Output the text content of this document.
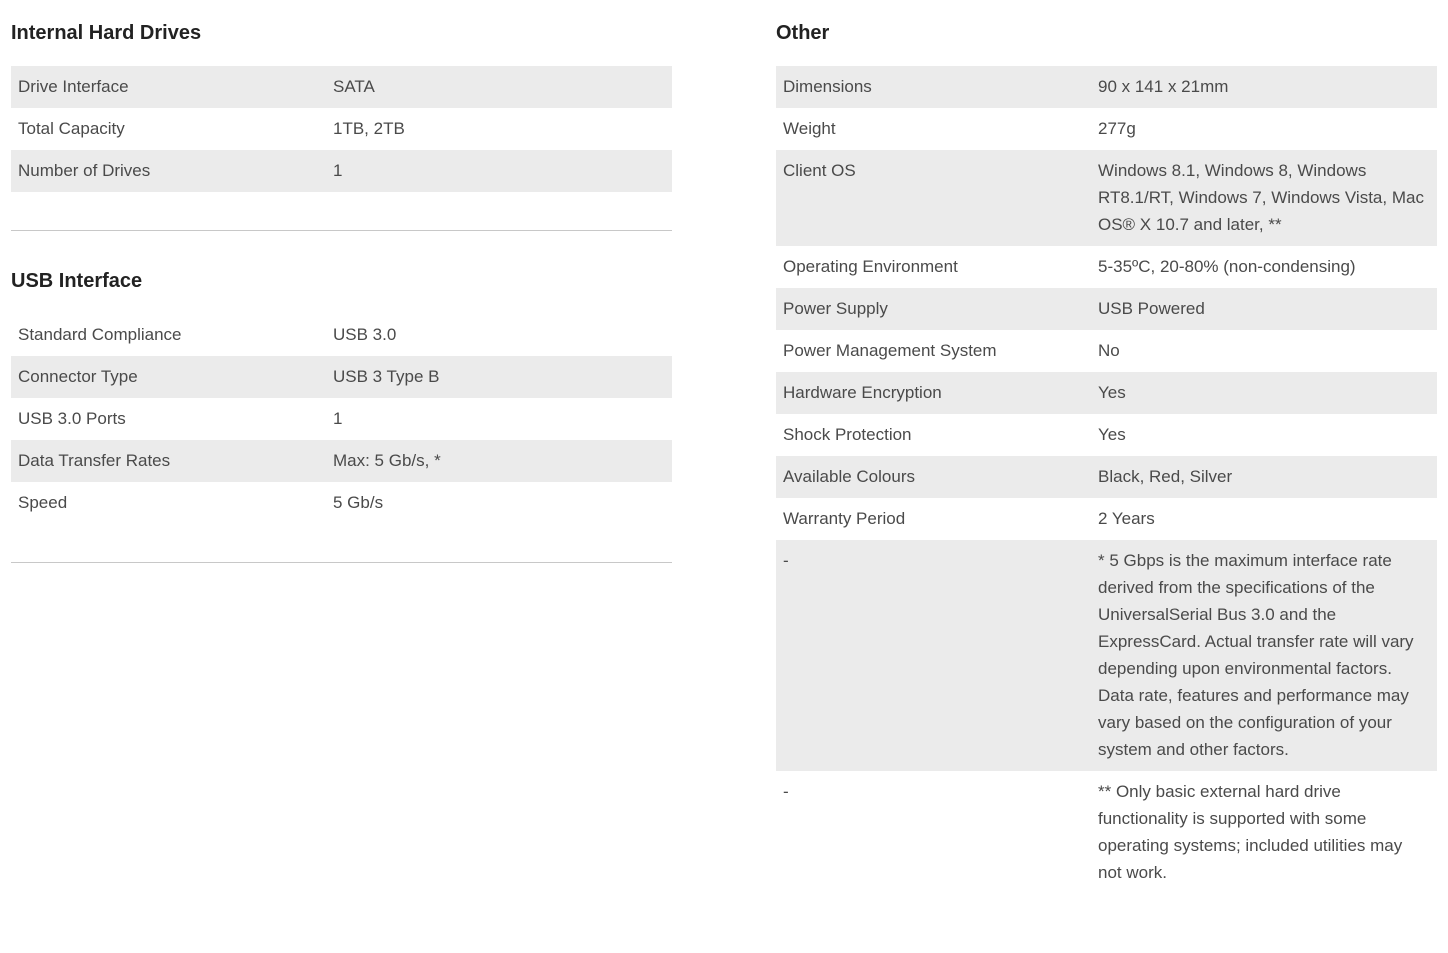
Internal Hard Drives
Drive Interface	SATA
Total Capacity	1TB, 2TB
Number of Drives	1
USB Interface
Standard Compliance	USB 3.0
Connector Type	USB 3 Type B
USB 3.0 Ports	1
Data Transfer Rates	Max: 5 Gb/s, *
Speed	5 Gb/s
Other
Dimensions	90 x 141 x 21mm
Weight	277g
Client OS	Windows 8.1, Windows 8, Windows RT8.1/RT, Windows 7, Windows Vista, Mac OS® X 10.7 and later, **
Operating Environment	5-35ºC, 20-80% (non-condensing)
Power Supply	USB Powered
Power Management System	No
Hardware Encryption	Yes
Shock Protection	Yes
Available Colours	Black, Red, Silver
Warranty Period	2 Years
-	* 5 Gbps is the maximum interface rate derived from the specifications of the UniversalSerial Bus 3.0 and the ExpressCard. Actual transfer rate will vary depending upon environmental factors. Data rate, features and performance may vary based on the configuration of your system and other factors.
-	** Only basic external hard drive functionality is supported with some operating systems; included utilities may not work.
